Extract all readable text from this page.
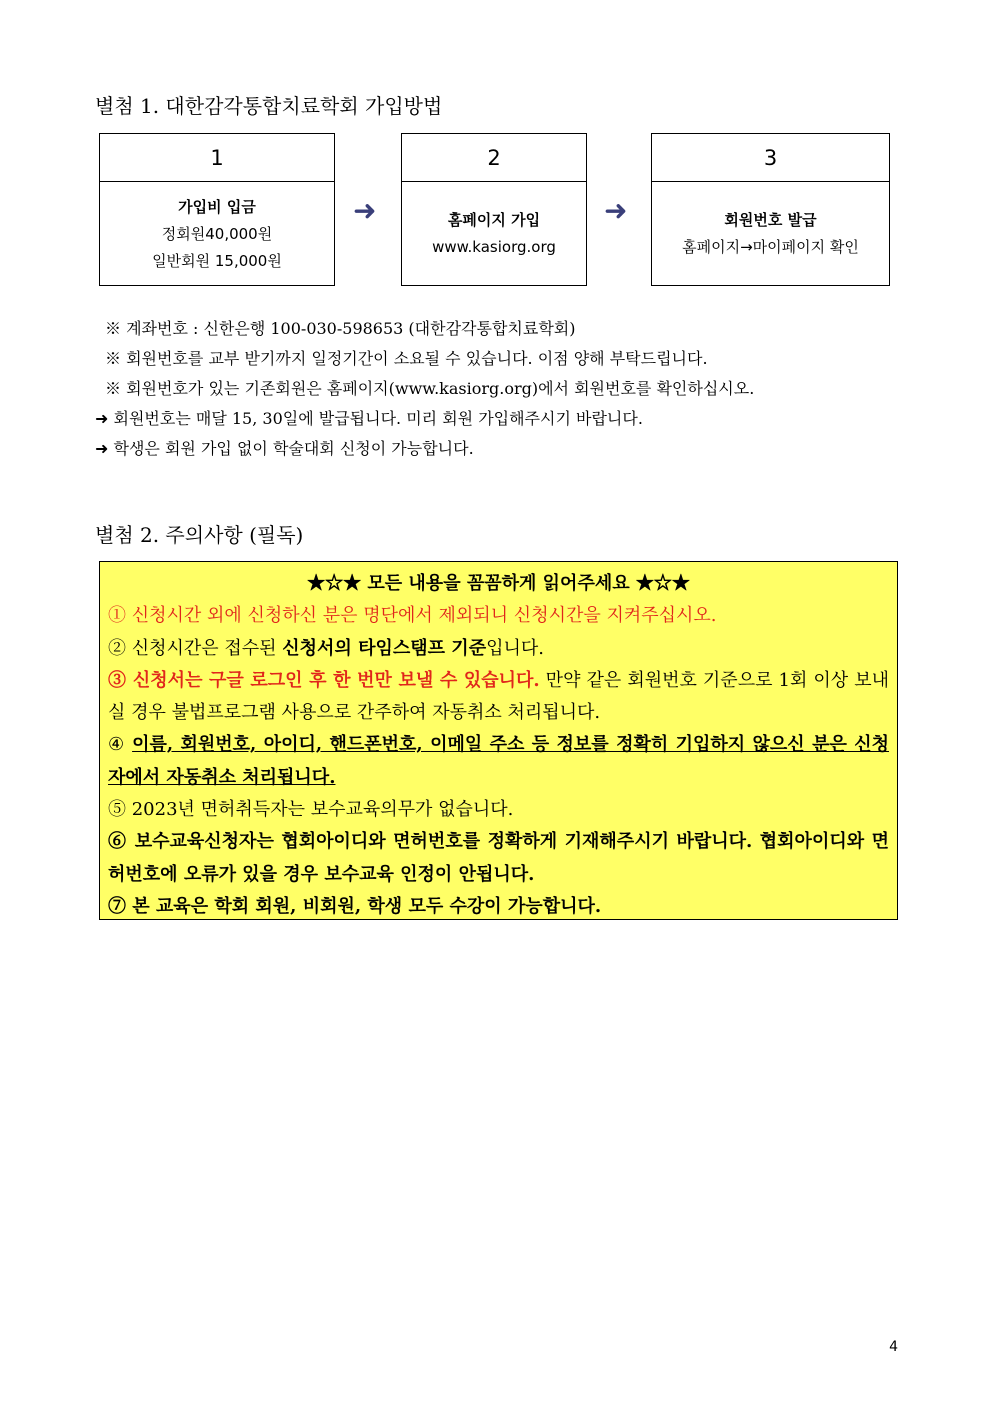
별첨 1. 대한감각통합치료학회 가입방법
1
가입비 입금
정회원40,000원
일반회원 15,000원
➜
2
홈페이지 가입
www.kasiorg.org
➜
3
회원번호 발급
홈페이지→마이페이지 확인
※ 계좌번호 : 신한은행 100-030-598653 (대한감각통합치료학회)
※ 회원번호를 교부 받기까지 일정기간이 소요될 수 있습니다. 이점 양해 부탁드립니다.
※ 회원번호가 있는 기존회원은 홈페이지(www.kasiorg.org)에서 회원번호를 확인하십시오.
➜ 회원번호는 매달 15, 30일에 발급됩니다. 미리 회원 가입해주시기 바랍니다.
➜ 학생은 회원 가입 없이 학술대회 신청이 가능합니다.
별첨 2. 주의사항 (필독)

★☆★ 모든 내용을 꼼꼼하게 읽어주세요 ★☆★

① 신청시간 외에 신청하신 분은 명단에서 제외되니 신청시간을 지켜주십시오.

② 신청시간은 접수된 신청서의 타임스탬프 기준입니다.

③ 신청서는 구글 로그인 후 한 번만 보낼 수 있습니다. 만약 같은 회원번호 기준으로 1회 이상 보내실 경우 불법프로그램 사용으로 간주하여 자동취소 처리됩니다.

④ 이름, 회원번호, 아이디, 핸드폰번호, 이메일 주소 등 정보를 정확히 기입하지 않으신 분은 신청자에서 자동취소 처리됩니다.

⑤ 2023년 면허취득자는 보수교육의무가 없습니다.

⑥ 보수교육신청자는 협회아이디와 면허번호를 정확하게 기재해주시기 바랍니다. 협회아이디와 면허번호에 오류가 있을 경우 보수교육 인정이 안됩니다.

⑦ 본 교육은 학회 회원, 비회원, 학생 모두 수강이 가능합니다.

4
